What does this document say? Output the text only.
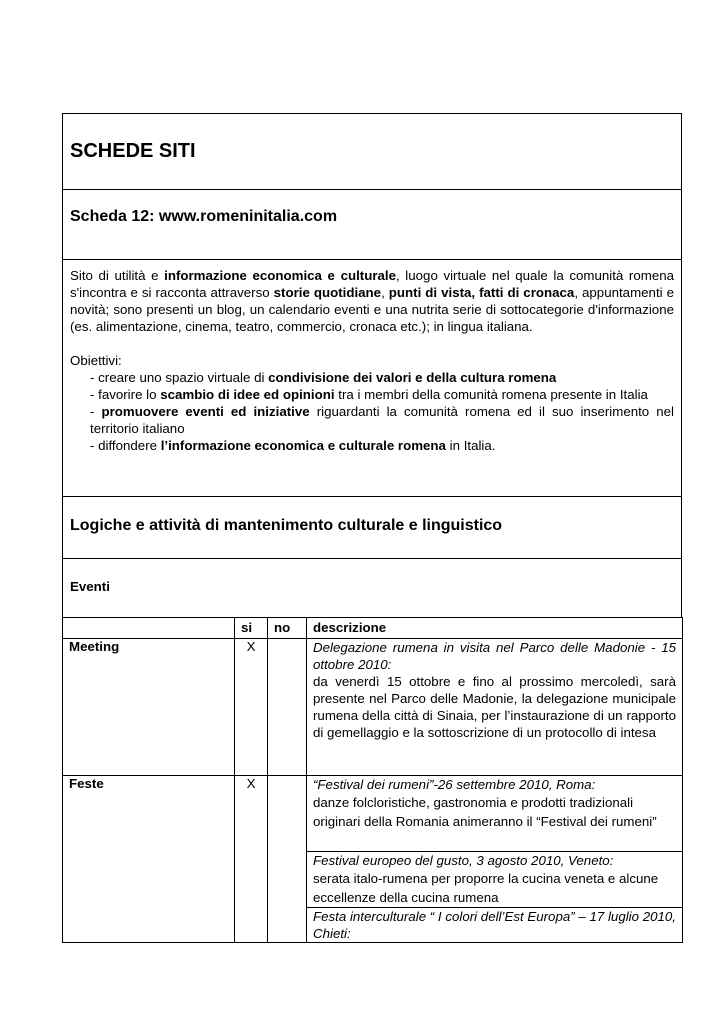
SCHEDE SITI
Scheda 12: www.romeninitalia.com

Sito di utilità e informazione economica e culturale, luogo virtuale nel quale la comunità romena s'incontra e si racconta attraverso storie quotidiane, punti di vista, fatti di cronaca, appuntamenti e novità; sono presenti un blog, un calendario eventi e una nutrita serie di sottocategorie d'informazione (es. alimentazione, cinema, teatro, commercio, cronaca etc.); in lingua italiana.

Obiettivi:

- creare uno spazio virtuale di condivisione dei valori e della cultura romena

- favorire lo scambio di idee ed opinioni tra i membri della comunità romena presente in Italia

- promuovere eventi ed iniziative riguardanti la comunità romena ed il suo inserimento nel territorio italiano

- diffondere l’informazione economica e culturale romena in Italia.

Logiche e attività di mantenimento culturale e linguistico
Eventi
	si	no	descrizione
Meeting	X		Delegazione rumena in visita nel Parco delle Madonie - 15 ottobre 2010:
da venerdì 15 ottobre e fino al prossimo mercoledì, sarà presente nel Parco delle Madonie, la delegazione municipale rumena della città di Sinaia, per l’instaurazione di un rapporto di gemellaggio e la sottoscrizione di un protocollo di intesa

Feste	X		“Festival dei rumeni”-26 settembre 2010, Roma:
danze folcloristiche, gastronomia e prodotti tradizionali originari della Romania animeranno il “Festival dei rumeni”

			Festival europeo del gusto, 3 agosto 2010, Veneto:
serata italo-rumena per proporre la cucina veneta e alcune eccellenze della cucina rumena

			Festa interculturale “ I colori dell’Est Europa” – 17 luglio 2010, Chieti:
